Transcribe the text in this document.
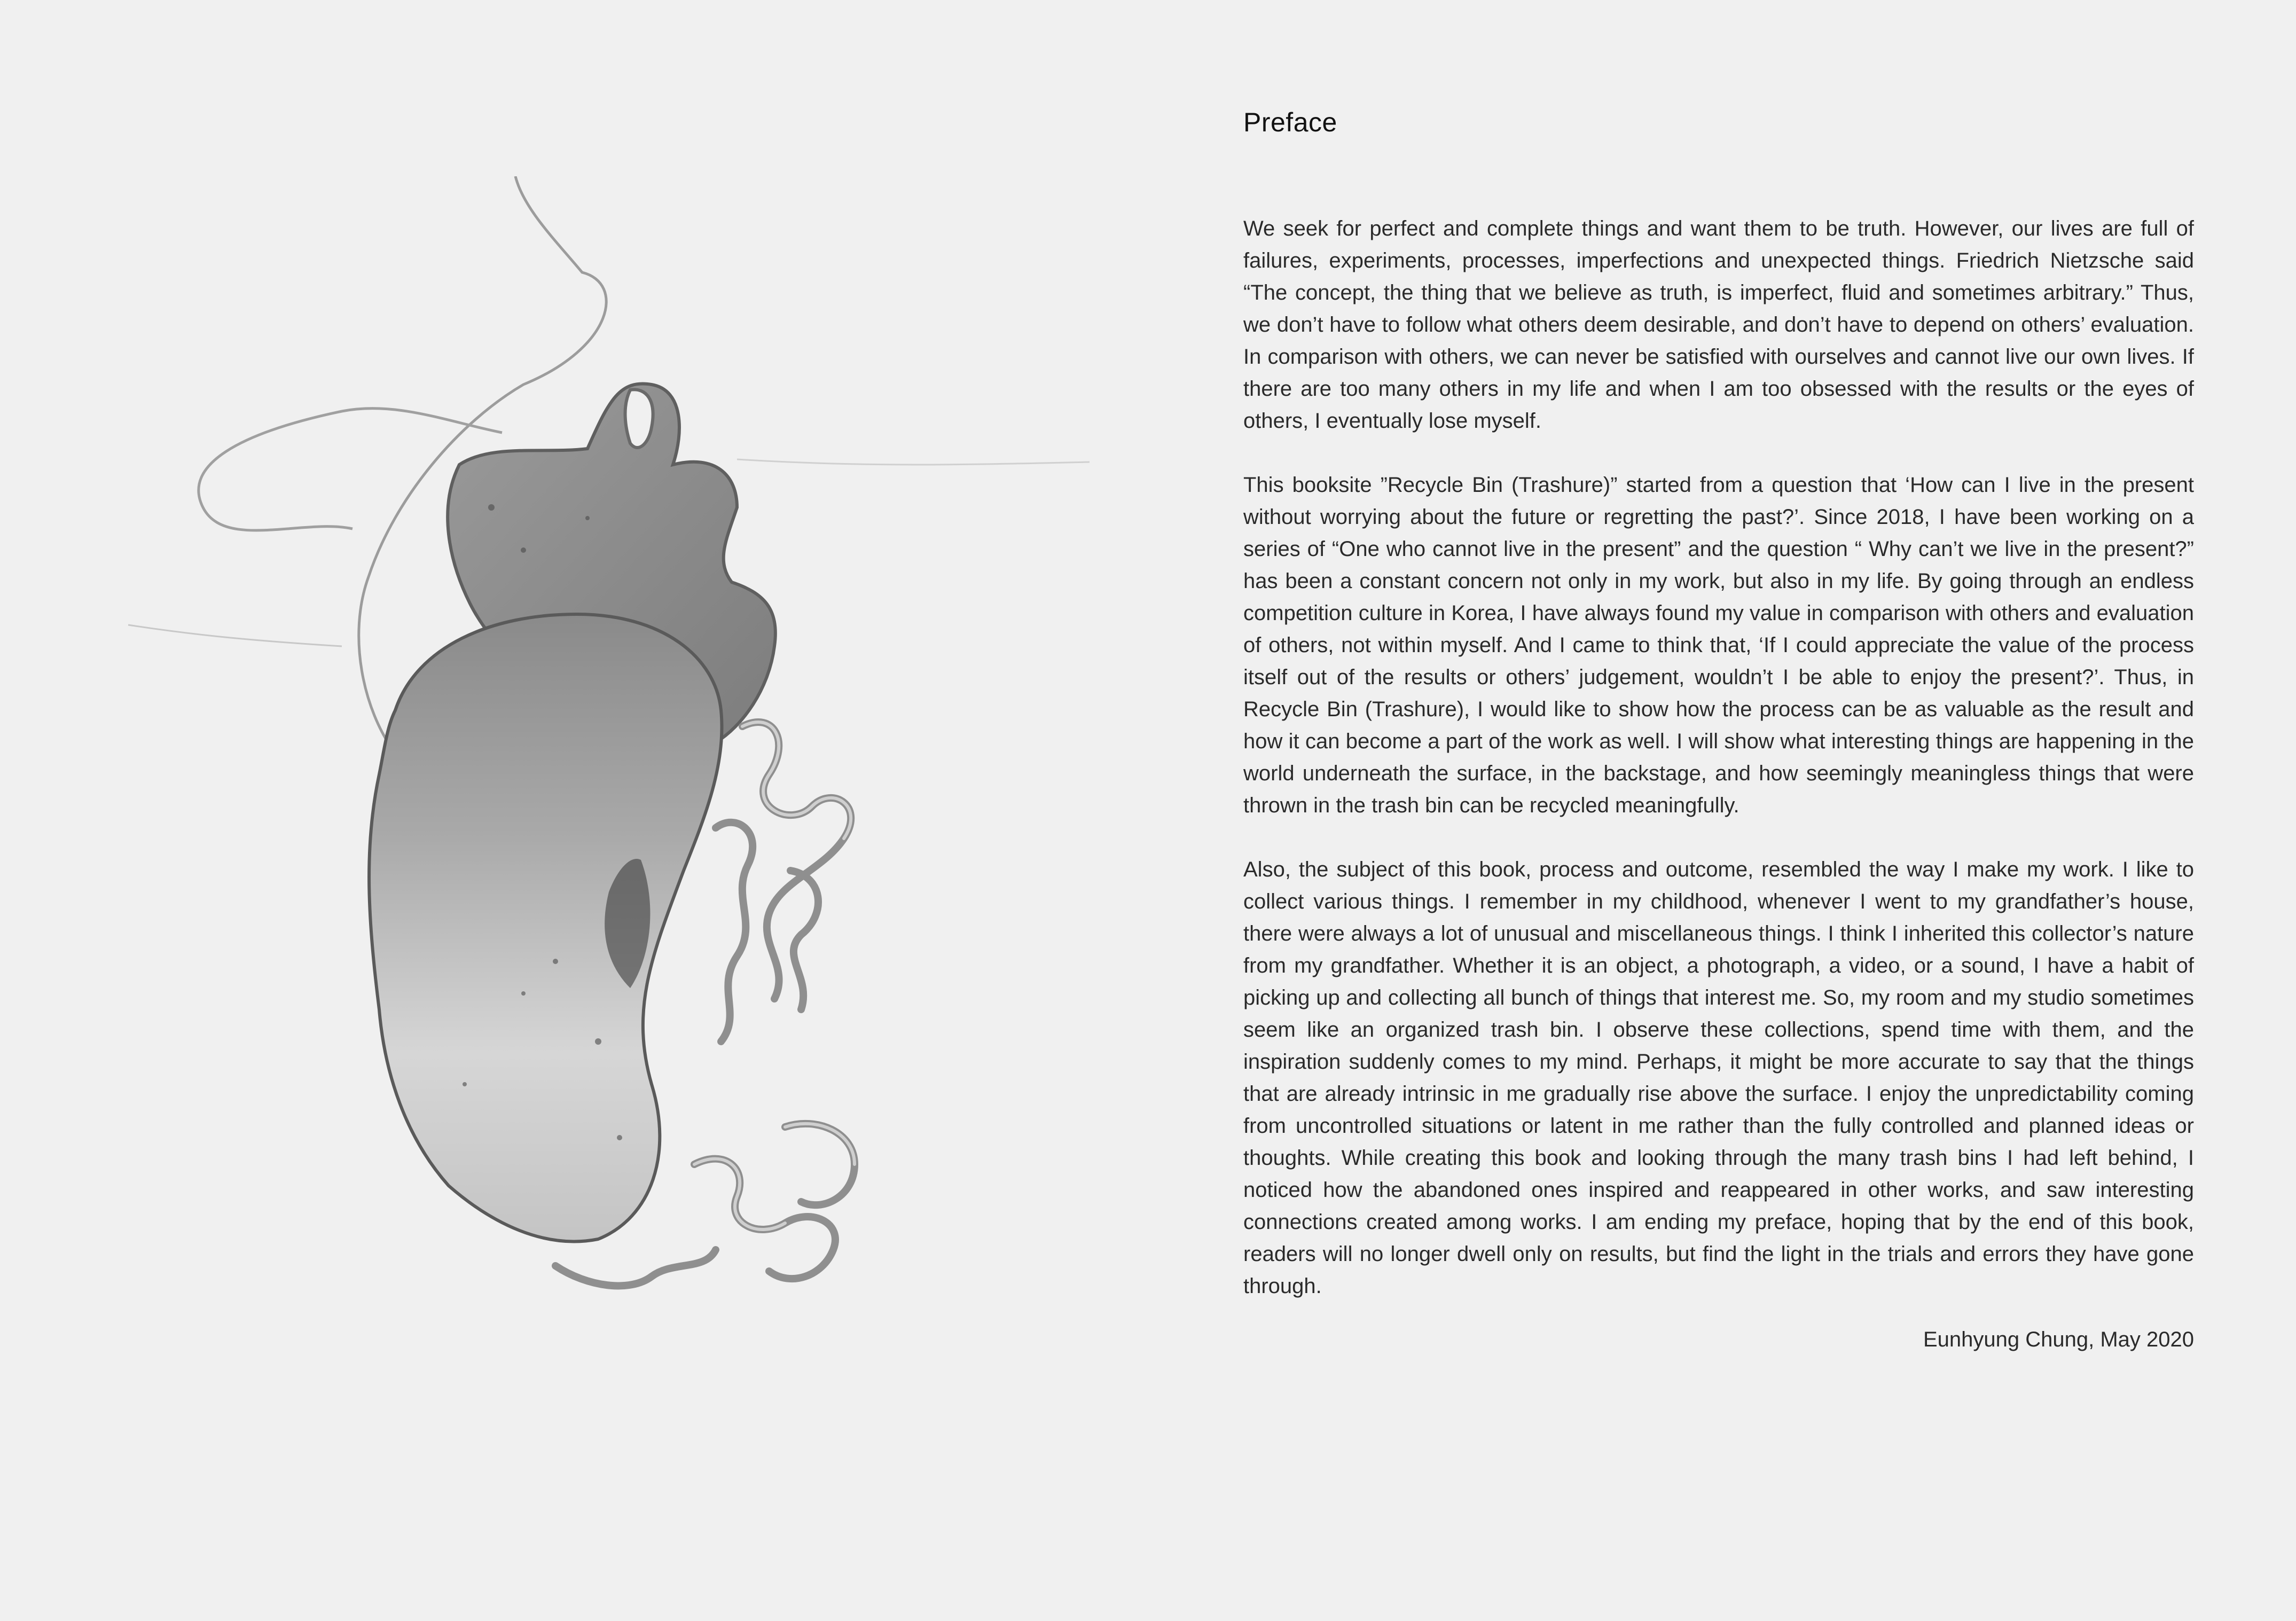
Preface

We seek for perfect and complete things and want them to be truth. However, our lives are full of failures, experiments, processes, imperfections and unexpected things. Friedrich Nietzsche said “The concept, the thing that we believe as truth, is imperfect, fluid and sometimes arbitrary.” Thus, we don’t have to follow what others deem desirable, and don’t have to depend on others’ evaluation. In comparison with others, we can never be satisfied with ourselves and cannot live our own lives. If there are too many others in my life and when I am too obsessed with the results or the eyes of others, I eventually lose myself.

This booksite ”Recycle Bin (Trashure)” started from a question that ‘How can I live in the present without worrying about the future or regretting the past?’. Since 2018, I have been working on a series of “One who cannot live in the present” and the question “ Why can’t we live in the present?” has been a constant concern not only in my work, but also in my life. By going through an endless competition culture in Korea, I have always found my value in comparison with others and evaluation of others, not within myself. And I came to think that, ‘If I could appreciate the value of the process itself out of the results or others’ judgement, wouldn’t I be able to enjoy the present?’. Thus, in Recycle Bin (Trashure), I would like to show how the process can be as valuable as the result and how it can become a part of the work as well. I will show what interesting things are happening in the world underneath the surface, in the backstage, and how seemingly meaningless things that were thrown in the trash bin can be recycled meaningfully.

Also, the subject of this book, process and outcome, resembled the way I make my work. I like to collect various things. I remember in my childhood, whenever I went to my grandfather’s house, there were always a lot of unusual and miscellaneous things. I think I inherited this collector’s nature from my grandfather. Whether it is an object, a photograph, a video, or a sound, I have a habit of picking up and collecting all bunch of things that interest me. So, my room and my studio sometimes seem like an organized trash bin. I observe these collections, spend time with them, and the inspiration suddenly comes to my mind. Perhaps, it might be more accurate to say that the things that are already intrinsic in me gradually rise above the surface. I enjoy the unpredictability coming from uncontrolled situations or latent in me rather than the fully controlled and planned ideas or thoughts. While creating this book and looking through the many trash bins I had left behind, I noticed how the abandoned ones inspired and reappeared in other works, and saw interesting connections created among works. I am ending my preface, hoping that by the end of this book, readers will no longer dwell only on results, but find the light in the trials and errors they have gone through.

Eunhyung Chung, May 2020
